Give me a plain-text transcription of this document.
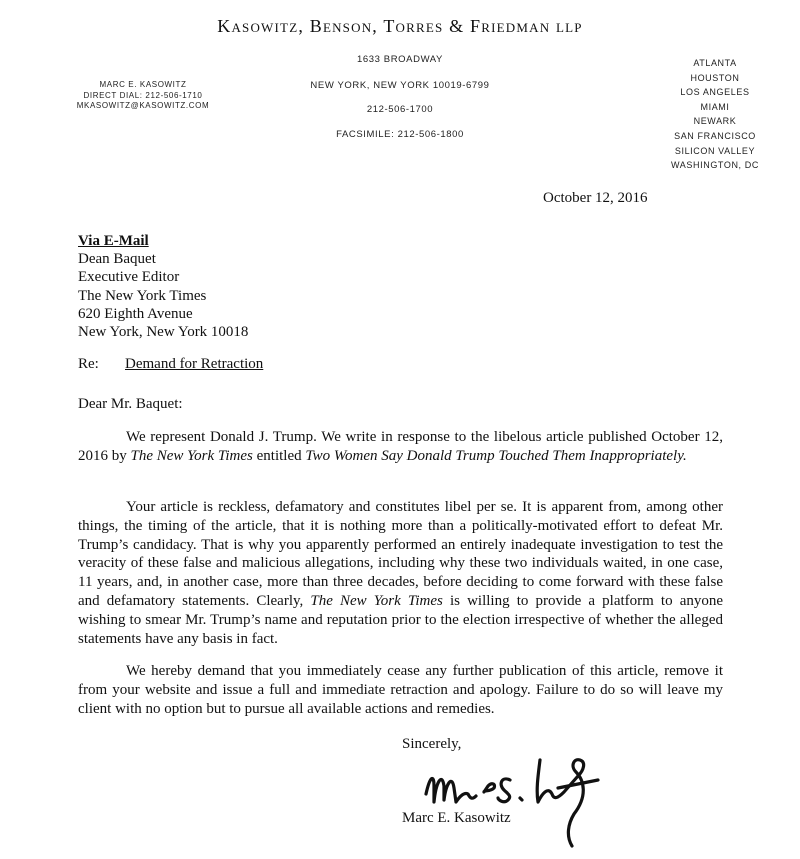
Kasowitz, Benson, Torres & Friedman llp
1633 BROADWAY
NEW YORK, NEW YORK 10019-6799
212-506-1700
FACSIMILE: 212-506-1800
MARC E. KASOWITZ
DIRECT DIAL: 212-506-1710
MKASOWITZ@KASOWITZ.COM
ATLANTA
HOUSTON
LOS ANGELES
MIAMI
NEWARK
SAN FRANCISCO
SILICON VALLEY
WASHINGTON, DC
October 12, 2016
Via E-Mail
Dean Baquet
Executive Editor
The New York Times
620 Eighth Avenue
New York, New York 10018
Re: Demand for Retraction
Dear Mr. Baquet:

We represent Donald J. Trump. We write in response to the libelous article published October 12, 2016 by The New York Times entitled Two Women Say Donald Trump Touched Them Inappropriately.

Your article is reckless, defamatory and constitutes libel per se. It is apparent from, among other things, the timing of the article, that it is nothing more than a politically-motivated effort to defeat Mr. Trump’s candidacy. That is why you apparently performed an entirely inadequate investigation to test the veracity of these false and malicious allegations, including why these two individuals waited, in one case, 11 years, and, in another case, more than three decades, before deciding to come forward with these false and defamatory statements. Clearly, The New York Times is willing to provide a platform to anyone wishing to smear Mr. Trump’s name and reputation prior to the election irrespective of whether the alleged statements have any basis in fact.

We hereby demand that you immediately cease any further publication of this article, remove it from your website and issue a full and immediate retraction and apology. Failure to do so will leave my client with no option but to pursue all available actions and remedies.

Sincerely,
Marc E. Kasowitz
